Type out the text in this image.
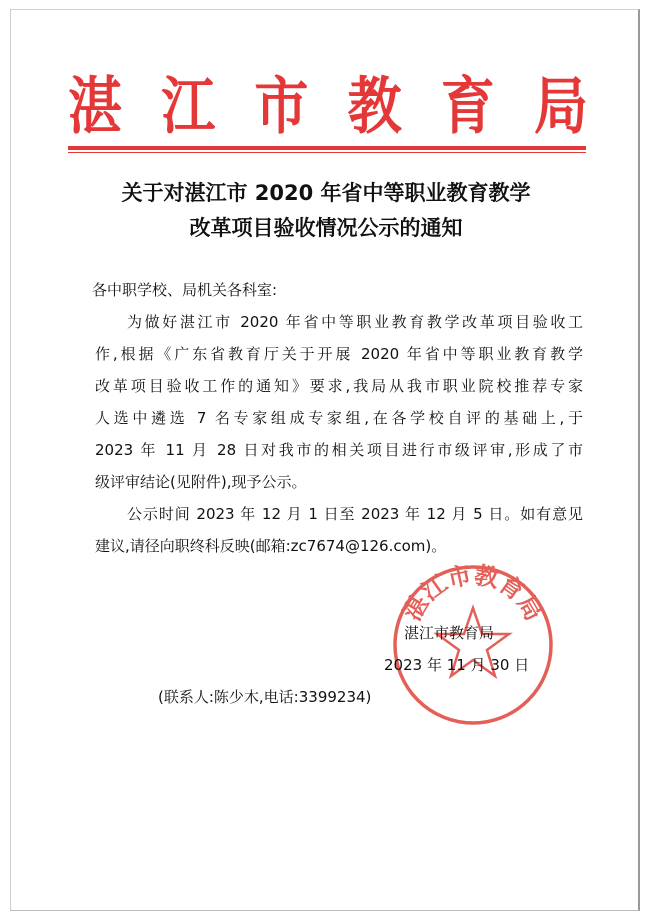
湛 江 市 教 育 局
关于对湛江市 2020 年省中等职业教育教学
改革项目验收情况公示的通知
各中职学校、局机关各科室:
为做好湛江市 2020 年省中等职业教育教学改革项目验收工
作,根据《广东省教育厅关于开展 2020 年省中等职业教育教学
改革项目验收工作的通知》要求,我局从我市职业院校推荐专家
人选中遴选 7 名专家组成专家组,在各学校自评的基础上,于
2023 年 11 月 28 日对我市的相关项目进行市级评审,形成了市
级评审结论(见附件),现予公示。
公示时间 2023 年 12 月 1 日至 2023 年 12 月 5 日。如有意见
建议,请径向职终科反映(邮箱:zc7674@126.com)。
湛江市教育局
湛江市教育局
2023 年 11 月 30 日
(联系人:陈少木,电话:3399234)
